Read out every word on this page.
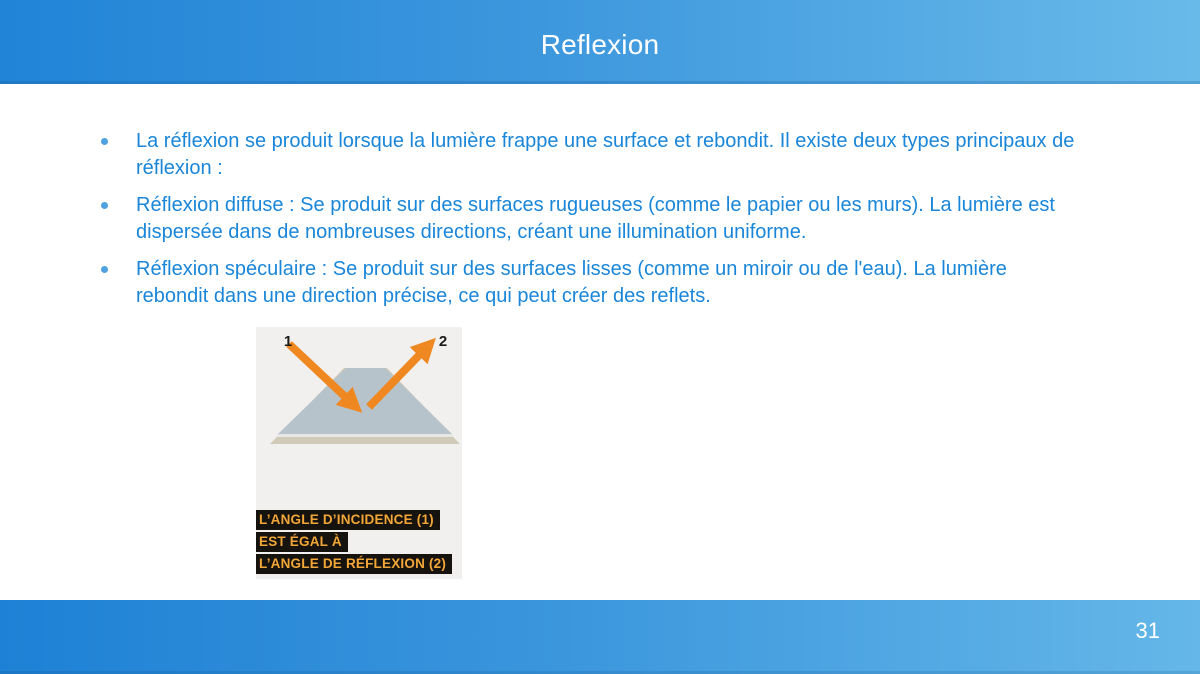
Reflexion
La réflexion se produit lorsque la lumière frappe une surface et rebondit. Il existe deux types principaux de réflexion :
Réflexion diffuse : Se produit sur des surfaces rugueuses (comme le papier ou les murs). La lumière est dispersée dans de nombreuses directions, créant une illumination uniforme.
Réflexion spéculaire : Se produit sur des surfaces lisses (comme un miroir ou de l'eau). La lumière rebondit dans une direction précise, ce qui peut créer des reflets.
1	2
L’ANGLE D’INCIDENCE (1)
EST ÉGAL À
L’ANGLE DE RÉFLEXION (2)
31
